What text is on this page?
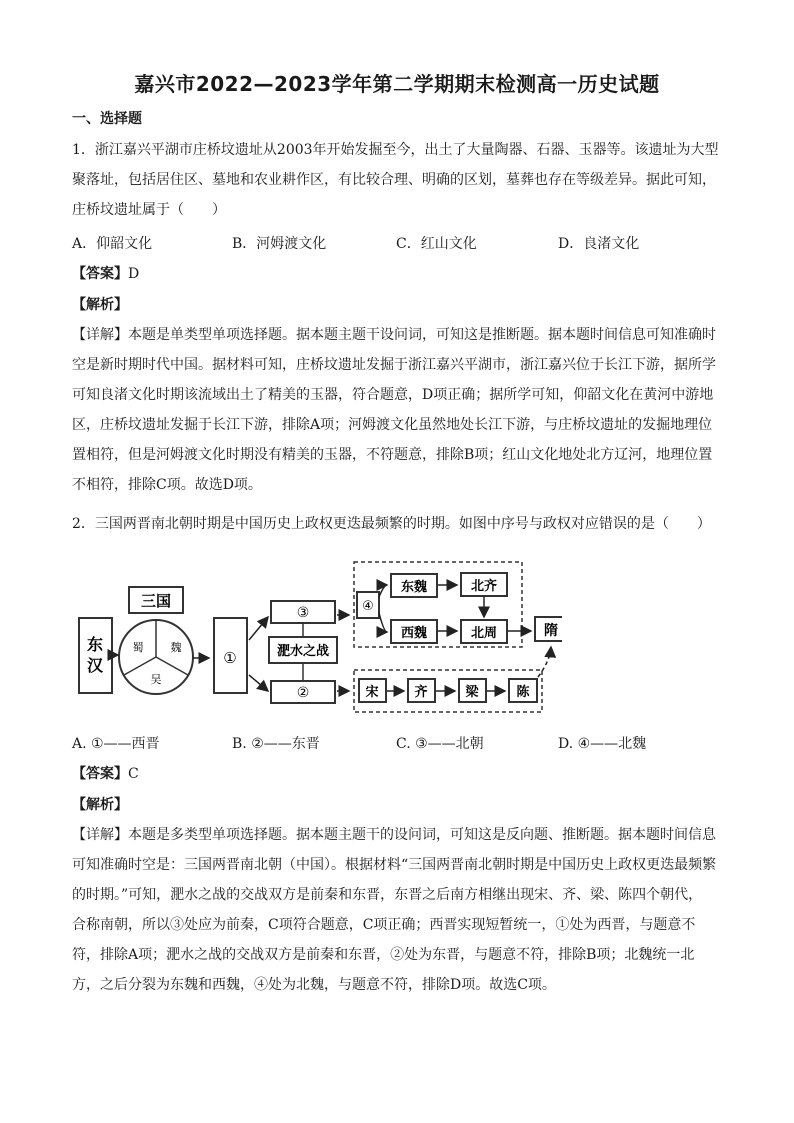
嘉兴市2022—2023学年第二学期期末检测高一历史试题
一、选择题
1．浙江嘉兴平湖市庄桥坟遗址从2003年开始发掘至今，出土了大量陶器、石器、玉器等。该遗址为大型
聚落址，包括居住区、墓地和农业耕作区，有比较合理、明确的区划，墓葬也存在等级差异。据此可知，
庄桥坟遗址属于（　　）
A．仰韶文化	B．河姆渡文化	C．红山文化	D．良渚文化
【答案】D
【解析】
【详解】本题是单类型单项选择题。据本题主题干设问词，可知这是推断题。据本题时间信息可知准确时
空是新时期时代中国。据材料可知，庄桥坟遗址发掘于浙江嘉兴平湖市，浙江嘉兴位于长江下游，据所学
可知良渚文化时期该流域出土了精美的玉器，符合题意，D项正确；据所学可知，仰韶文化在黄河中游地
区，庄桥坟遗址发掘于长江下游，排除A项；河姆渡文化虽然地处长江下游，与庄桥坟遗址的发掘地理位
置相符，但是河姆渡文化时期没有精美的玉器，不符题意，排除B项；红山文化地处北方辽河，地理位置
不相符，排除C项。故选D项。
2．三国两晋南北朝时期是中国历史上政权更迭最频繁的时期。如图中序号与政权对应错误的是（　　）
东
汉
三国
蜀 魏
吴
①
③
淝水之战
②
④
东魏	北齐
西魏	北周	隋
宋	齐	梁	陈
A. ①——西晋	B. ②——东晋	C. ③——北朝	D. ④——北魏
【答案】C
【解析】
【详解】本题是多类型单项选择题。据本题主题干的设问词，可知这是反向题、推断题。据本题时间信息
可知准确时空是：三国两晋南北朝（中国）。根据材料“三国两晋南北朝时期是中国历史上政权更迭最频繁
的时期。”可知，淝水之战的交战双方是前秦和东晋，东晋之后南方相继出现宋、齐、梁、陈四个朝代，
合称南朝，所以③处应为前秦，C项符合题意，C项正确；西晋实现短暂统一，①处为西晋，与题意不
符，排除A项；淝水之战的交战双方是前秦和东晋，②处为东晋，与题意不符，排除B项；北魏统一北
方，之后分裂为东魏和西魏，④处为北魏，与题意不符，排除D项。故选C项。
